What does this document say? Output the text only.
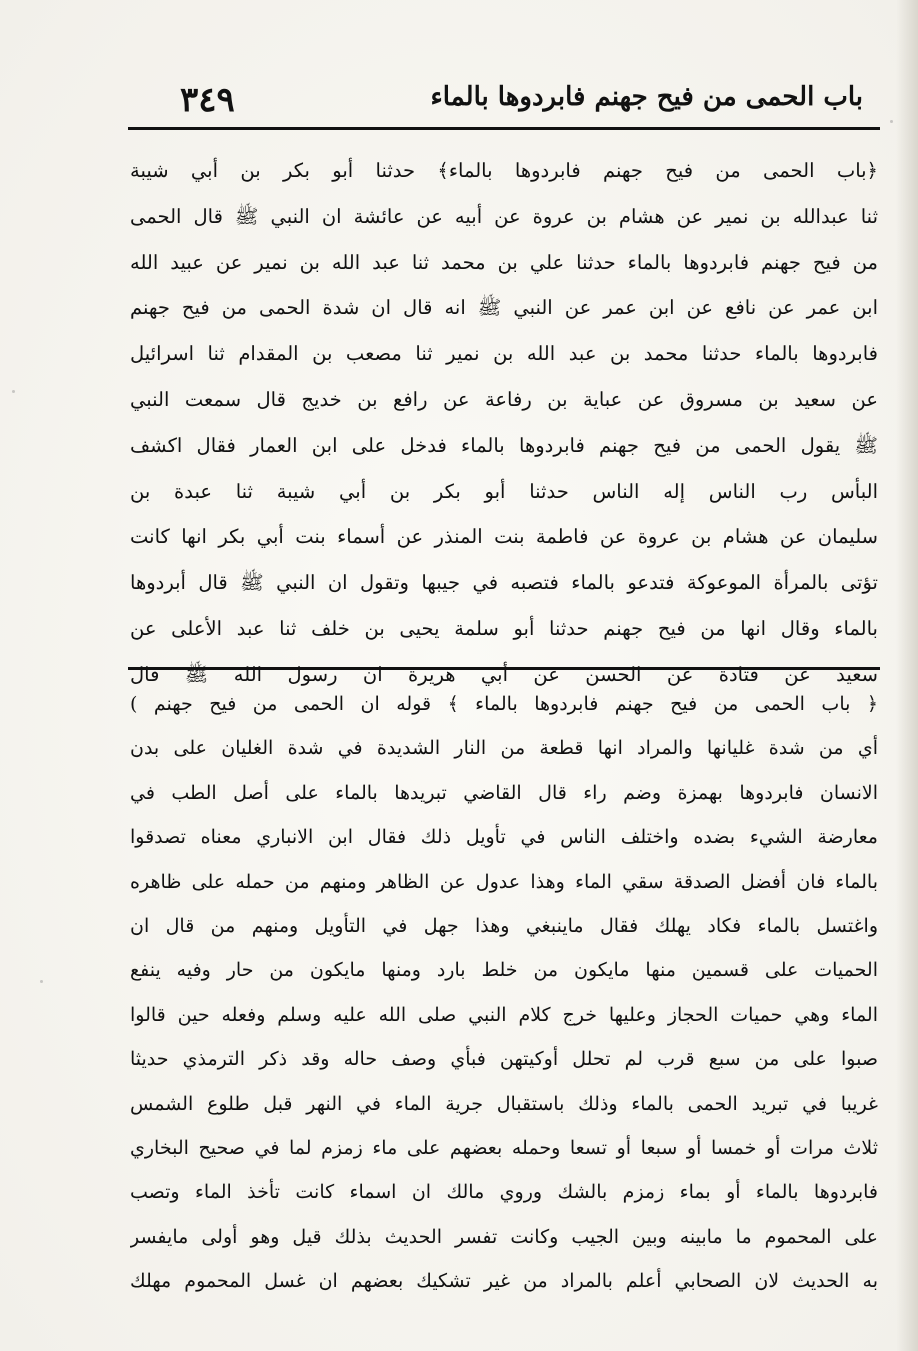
باب الحمى من فيح جهنم فابردوها بالماء
٣٤٩
﴿باب الحمى من فيح جهنم فابردوها بالماء﴾ حدثنا أبو بكر بن أبي شيبة
ثنا عبدالله بن نمير عن هشام بن عروة عن أبيه عن عائشة ان النبي ﷺ قال الحمى
من فيح جهنم فابردوها بالماء حدثنا علي بن محمد ثنا عبد الله بن نمير عن عبيد الله
ابن عمر عن نافع عن ابن عمر عن النبي ﷺ انه قال ان شدة الحمى من فيح جهنم
فابردوها بالماء حدثنا محمد بن عبد الله بن نمير ثنا مصعب بن المقدام ثنا اسرائيل
عن سعيد بن مسروق عن عباية بن رفاعة عن رافع بن خديج قال سمعت النبي
ﷺ يقول الحمى من فيح جهنم فابردوها بالماء فدخل على ابن العمار فقال اكشف
البأس رب الناس إله الناس حدثنا أبو بكر بن أبي شيبة ثنا عبدة بن
سليمان عن هشام بن عروة عن فاطمة بنت المنذر عن أسماء بنت أبي بكر انها كانت
تؤتى بالمرأة الموعوكة فتدعو بالماء فتصبه في جيبها وتقول ان النبي ﷺ قال أبردوها
بالماء وقال انها من فيح جهنم حدثنا أبو سلمة يحيى بن خلف ثنا عبد الأعلى عن
سعيد عن قتادة عن الحسن عن أبي هريرة ان رسول الله ﷺ قال
﴿ باب الحمى من فيح جهنم فابردوها بالماء ﴾ قوله ان الحمى من فيح جهنم )
أي من شدة غليانها والمراد انها قطعة من النار الشديدة في شدة الغليان على بدن
الانسان فابردوها بهمزة وضم راء قال القاضي تبريدها بالماء على أصل الطب في
معارضة الشيء بضده واختلف الناس في تأويل ذلك فقال ابن الانباري معناه تصدقوا
بالماء فان أفضل الصدقة سقي الماء وهذا عدول عن الظاهر ومنهم من حمله على ظاهره
واغتسل بالماء فكاد يهلك فقال ماينبغي وهذا جهل في التأويل ومنهم من قال ان
الحميات على قسمين منها مايكون من خلط بارد ومنها مايكون من حار وفيه ينفع
الماء وهي حميات الحجاز وعليها خرج كلام النبي صلى الله عليه وسلم وفعله حين قالوا
صبوا على من سبع قرب لم تحلل أوكيتهن فبأي وصف حاله وقد ذكر الترمذي حديثا
غريبا في تبريد الحمى بالماء وذلك باستقبال جرية الماء في النهر قبل طلوع الشمس
ثلاث مرات أو خمسا أو سبعا أو تسعا وحمله بعضهم على ماء زمزم لما في صحيح البخاري
فابردوها بالماء أو بماء زمزم بالشك وروي مالك ان اسماء كانت تأخذ الماء وتصب
على المحموم ما مابينه وبين الجيب وكانت تفسر الحديث بذلك قيل وهو أولى مايفسر
به الحديث لان الصحابي أعلم بالمراد من غير تشكيك بعضهم ان غسل المحموم مهلك
